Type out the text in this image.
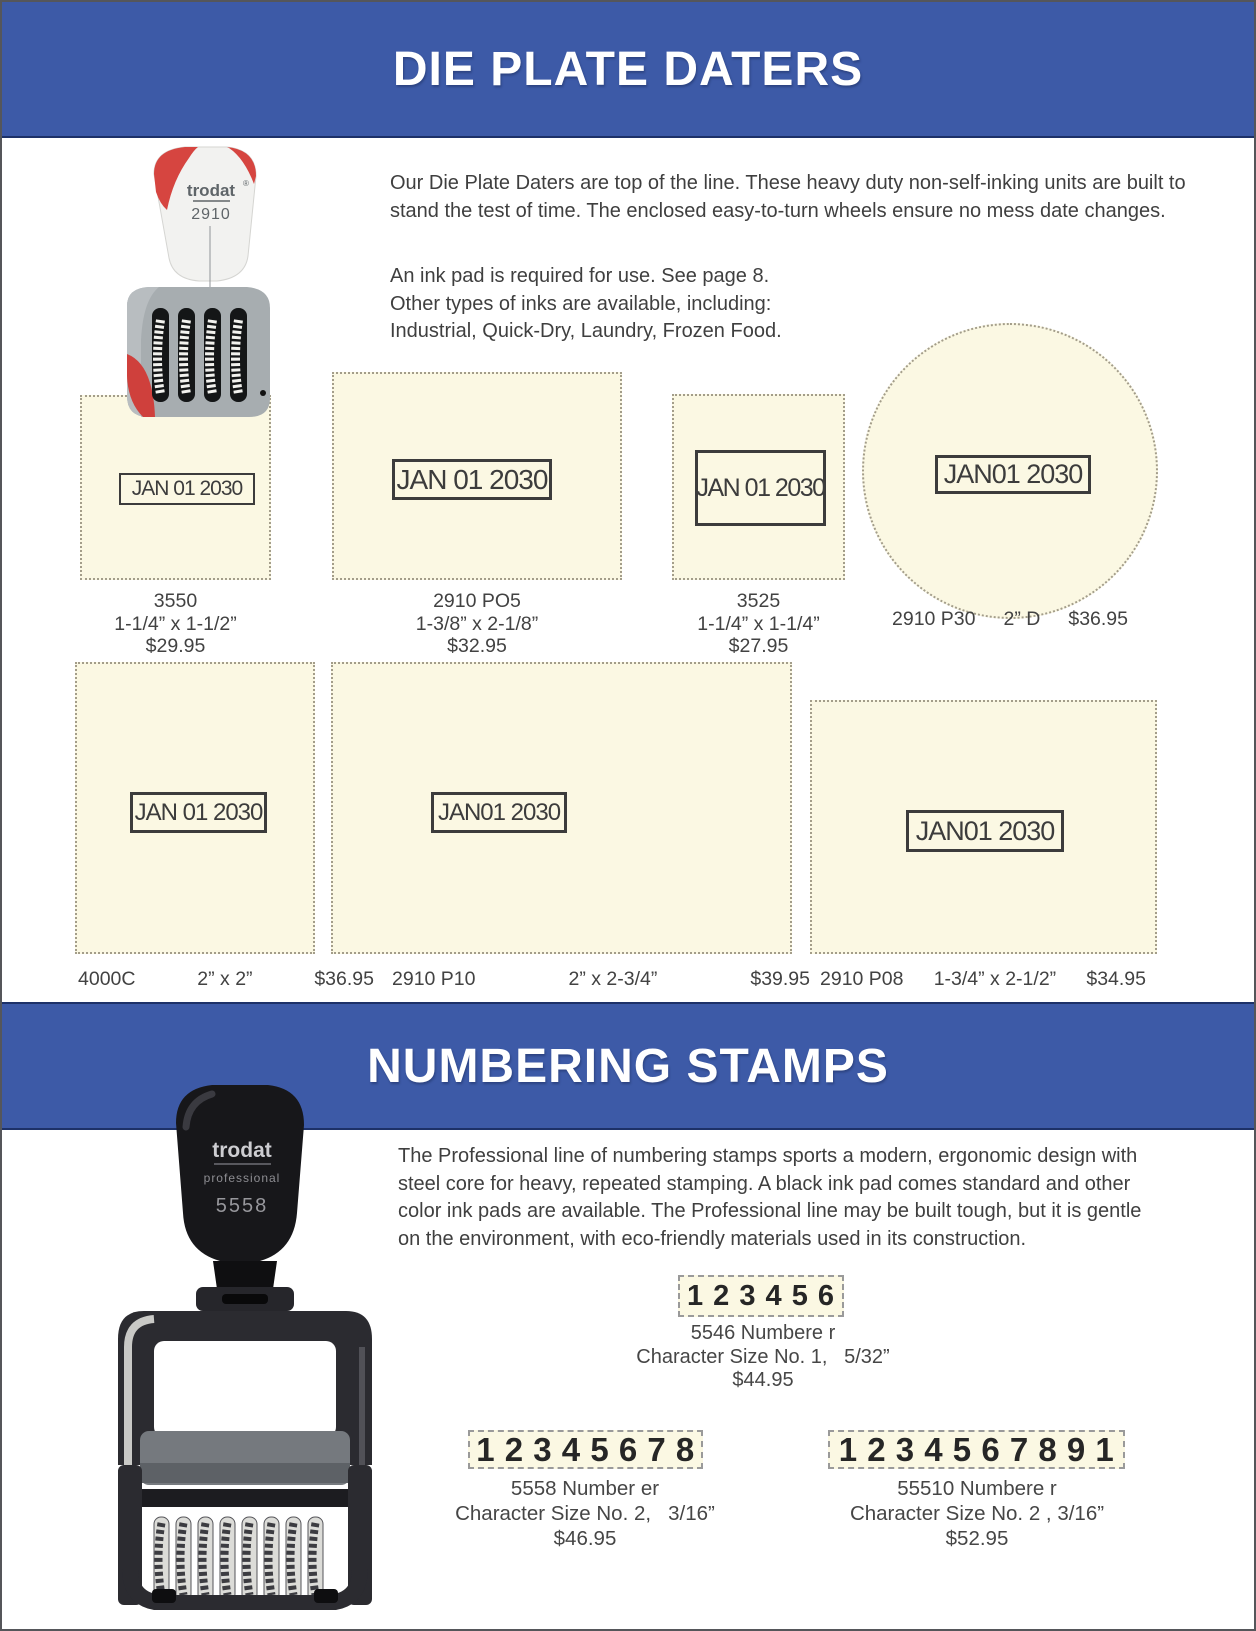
DIE PLATE DATERS
trodat ®
2910

Our Die Plate Daters are top of the line. These heavy duty non-self-inking units are built to stand the test of time. The enclosed easy-to-turn wheels ensure no mess date changes.

An ink pad is required for use. See page 8.
Other types of inks are available, including:
Industrial, Quick-Dry, Laundry, Frozen Food.
JAN 01 2030	JAN 01 2030	JAN 01 2030	JAN01 2030
3550
1-1/4” x 1-1/2”
$29.95
2910 PO5
1-3/8” x 2-1/8”
$32.95
3525
1-1/4” x 1-1/4”
$27.95
2910 P30 2” D $36.95
JAN 01 2030	JAN01 2030
JAN01 2030
4000C	2” x 2”	$36.95 2910 P10	2” x 2-3/4”	$39.95 2910 P08 1-3/4” x 2-1/2” $34.95
NUMBERING STAMPS
trodat
professional
5558

The Professional line of numbering stamps sports a modern, ergonomic design with steel core for heavy, repeated stamping. A black ink pad comes standard and other color ink pads are available. The Professional line may be built tough, but it is gentle on the environment, with eco-friendly materials used in its construction.

1 2 3 4 5 6
5546 Numbere r
Character Size No. 1,   5/32”
$44.95
1 2 3 4 5 6 7 8
5558 Number er
Character Size No. 2,   3/16”
$46.95
1 2 3 4 5 6 7 8 9 1
55510 Numbere r
Character Size No. 2 , 3/16”
$52.95
